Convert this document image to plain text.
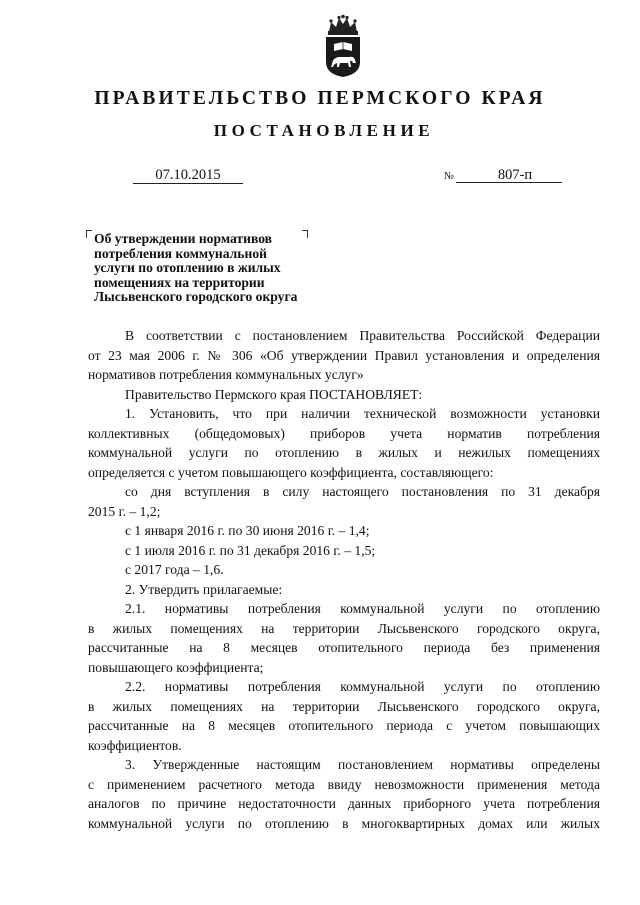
ПРАВИТЕЛЬСТВО ПЕРМСКОГО КРАЯ
ПОСТАНОВЛЕНИЕ
07.10.2015	№	807-п
Об утверждении нормативов
потребления коммунальной
услуги по отоплению в жилых
помещениях на территории
Лысьвенского городского округа
В соответствии с постановлением Правительства Российской Федерации
от 23 мая 2006 г. № 306 «Об утверждении Правил установления и определения
нормативов потребления коммунальных услуг»
Правительство Пермского края ПОСТАНОВЛЯЕТ:
1. Установить, что при наличии технической возможности установки
коллективных (общедомовых) приборов учета норматив потребления
коммунальной услуги по отоплению в жилых и нежилых помещениях
определяется с учетом повышающего коэффициента, составляющего:
со дня вступления в силу настоящего постановления по 31 декабря
2015 г. – 1,2;
с 1 января 2016 г. по 30 июня 2016 г. – 1,4;
с 1 июля 2016 г. по 31 декабря 2016 г. – 1,5;
с 2017 года – 1,6.
2. Утвердить прилагаемые:
2.1. нормативы потребления коммунальной услуги по отоплению
в жилых помещениях на территории Лысьвенского городского округа,
рассчитанные на 8 месяцев отопительного периода без применения
повышающего коэффициента;
2.2. нормативы потребления коммунальной услуги по отоплению
в жилых помещениях на территории Лысьвенского городского округа,
рассчитанные на 8 месяцев отопительного периода с учетом повышающих
коэффициентов.
3. Утвержденные настоящим постановлением нормативы определены
с применением расчетного метода ввиду невозможности применения метода
аналогов по причине недостаточности данных приборного учета потребления
коммунальной услуги по отоплению в многоквартирных домах или жилых
